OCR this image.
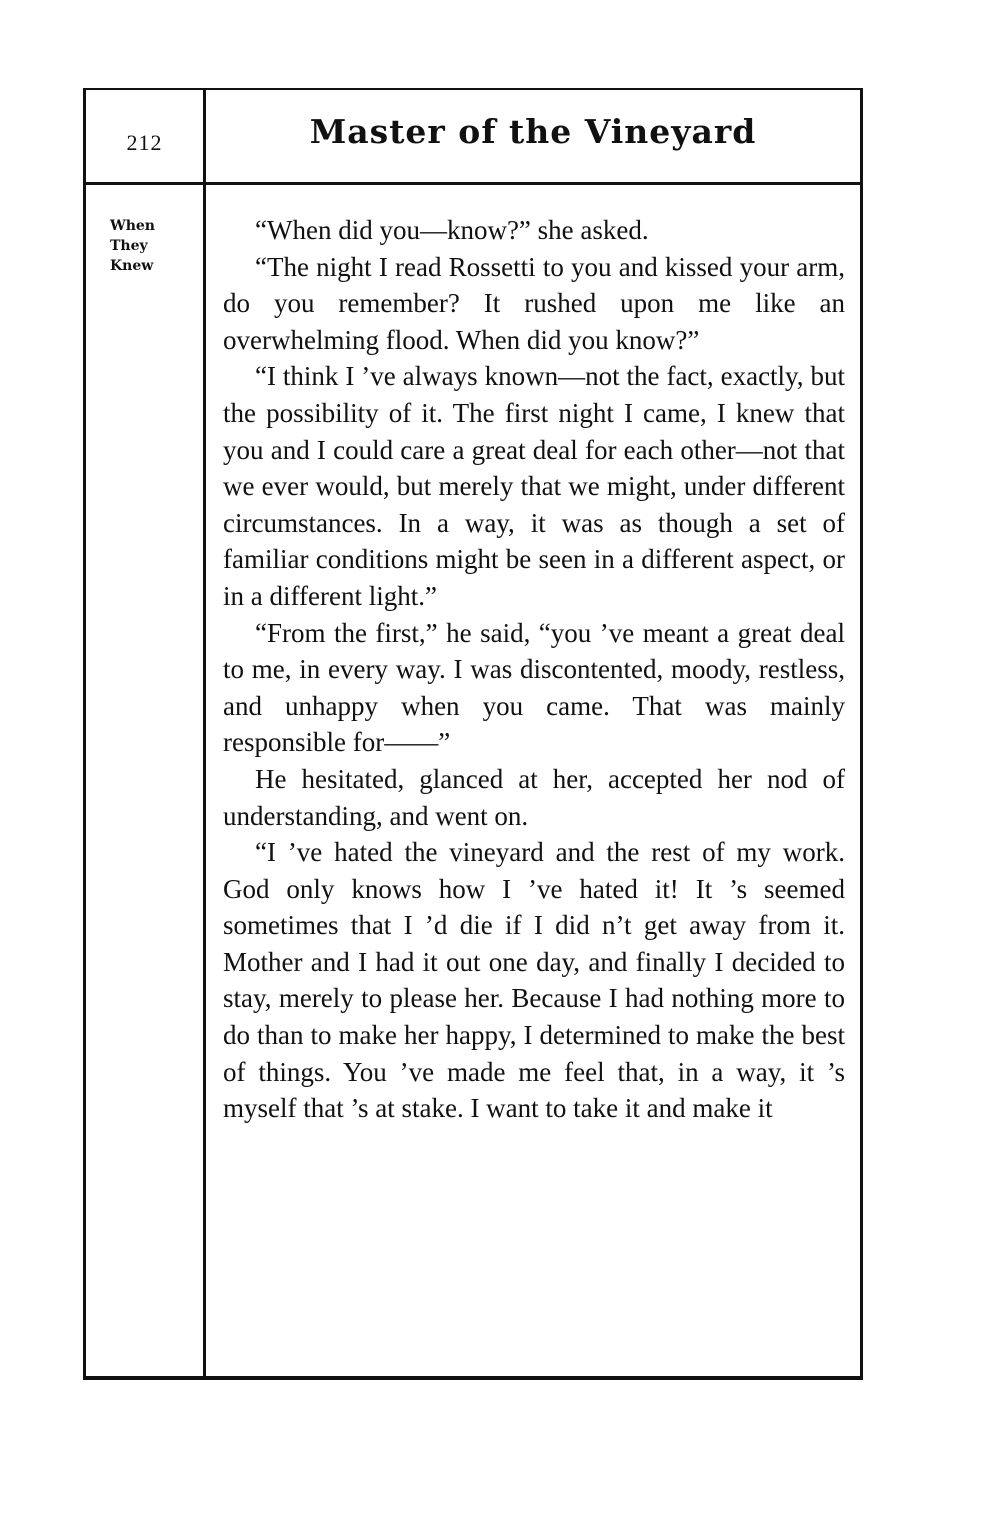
212	Master of the Vineyard
When
They
Knew

“When did you—know?” she asked.

“The night I read Rossetti to you and kissed your arm, do you remember? It rushed upon me like an overwhelming flood. When did you know?”

“I think I ’ve always known—not the fact, exactly, but the possibility of it. The first night I came, I knew that you and I could care a great deal for each other—not that we ever would, but merely that we might, under different circumstances. In a way, it was as though a set of familiar conditions might be seen in a different aspect, or in a different light.”

“From the first,” he said, “you ’ve meant a great deal to me, in every way. I was discontented, moody, restless, and unhappy when you came. That was mainly responsible for——”

He hesitated, glanced at her, accepted her nod of understanding, and went on.

“I ’ve hated the vineyard and the rest of my work. God only knows how I ’ve hated it! It ’s seemed sometimes that I ’d die if I did n’t get away from it. Mother and I had it out one day, and finally I decided to stay, merely to please her. Because I had nothing more to do than to make her happy, I determined to make the best of things. You ’ve made me feel that, in a way, it ’s myself that ’s at stake. I want to take it and make it
